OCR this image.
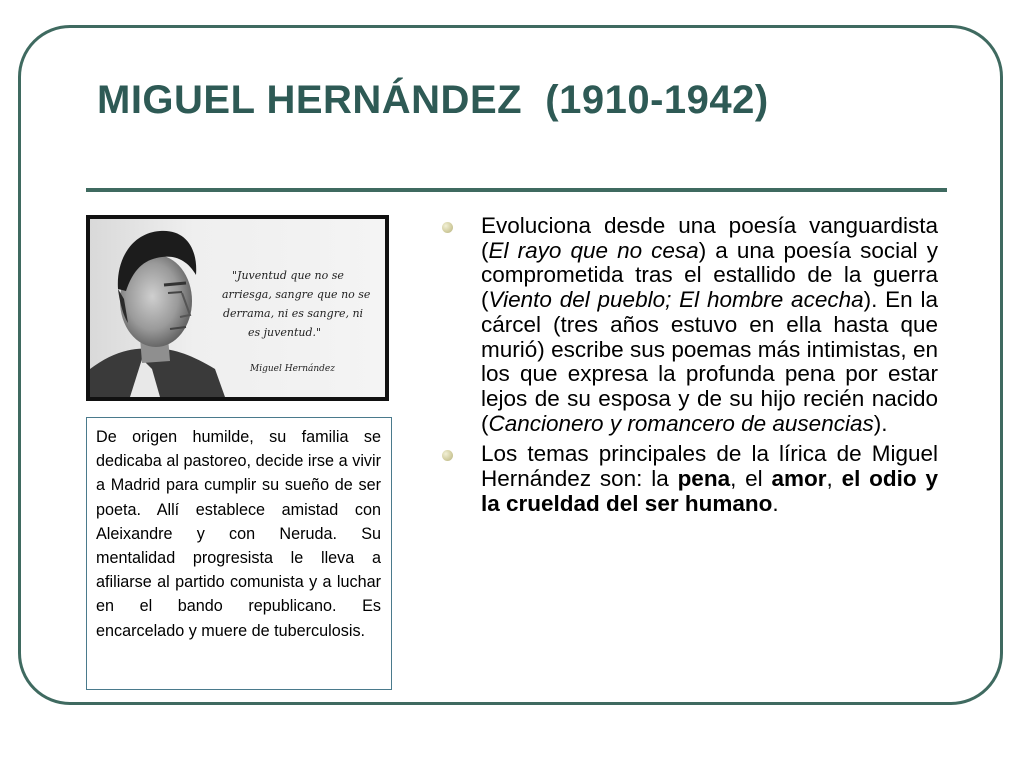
MIGUEL HERNÁNDEZ  (1910-1942)
"Juventud que no se
arriesga, sangre que no se
derrama, ni es sangre, ni
es juventud."
Miguel Hernández
De origen humilde, su familia se dedicaba al pastoreo, decide irse a vivir a Madrid para cumplir su sueño de ser poeta. Allí establece amistad con Aleixandre y con Neruda. Su mentalidad progresista le lleva a afiliarse al partido comunista y a luchar en el bando republicano. Es encarcelado y muere de tuberculosis.
Evoluciona desde una poesía vanguardista (El rayo que no cesa) a una poesía social y comprometida tras el estallido de la guerra (Viento del pueblo; El hombre acecha). En la cárcel (tres años estuvo en ella hasta que murió) escribe sus poemas más intimistas, en los que expresa la profunda pena por estar lejos de su esposa y de su hijo recién nacido (Cancionero y romancero de ausencias).
Los temas principales de la lírica de Miguel Hernández son: la pena, el amor, el odio y la crueldad del ser humano.
